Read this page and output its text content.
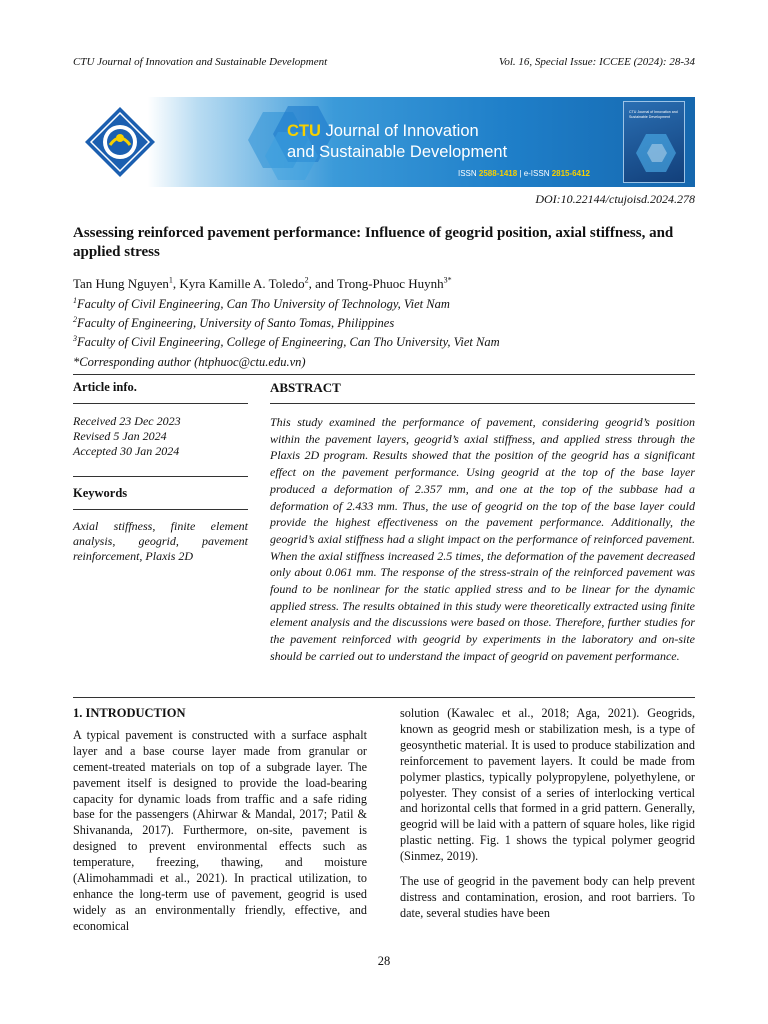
CTU Journal of Innovation and Sustainable Development	Vol. 16, Special Issue: ICCEE (2024): 28-34
CTU Journal of Innovation
and Sustainable Development
ISSN 2588-1418 | e-ISSN 2815-6412
CTU Journal of Innovation and Sustainable Development
DOI:10.22144/ctujoisd.2024.278
Assessing reinforced pavement performance: Influence of geogrid position, axial stiffness, and applied stress
Tan Hung Nguyen$^1$, Kyra Kamille A. Toledo$^2$, and Trong-Phuoc Huynh$^{3*}$
$^1$Faculty of Civil Engineering, Can Tho University of Technology, Viet Nam
$^2$Faculty of Engineering, University of Santo Tomas, Philippines
$^3$Faculty of Civil Engineering, College of Engineering, Can Tho University, Viet Nam
*Corresponding author (htphuoc@ctu.edu.vn)
Article info.
Received 23 Dec 2023
Revised 5 Jan 2024
Accepted 30 Jan 2024
Keywords
Axial stiffness, finite element analysis, geogrid, pavement reinforcement, Plaxis 2D
ABSTRACT
This study examined the performance of pavement, considering geogrid’s position within the pavement layers, geogrid’s axial stiffness, and applied stress through the Plaxis 2D program. Results showed that the position of the geogrid has a significant effect on the pavement performance. Using geogrid at the top of the base layer produced a deformation of 2.357 mm, and one at the top of the subbase had a deformation of 2.433 mm. Thus, the use of geogrid on the top of the base layer could provide the highest effectiveness on the pavement performance. Additionally, the geogrid’s axial stiffness had a slight impact on the performance of reinforced pavement. When the axial stiffness increased 2.5 times, the deformation of the pavement decreased only about 0.061 mm. The response of the stress-strain of the reinforced pavement was found to be nonlinear for the static applied stress and to be linear for the dynamic applied stress. The results obtained in this study were theoretically extracted using finite element analysis and the discussions were based on those. Therefore, further studies for the pavement reinforced with geogrid by experiments in the laboratory and on-site should be carried out to understand the impact of geogrid on pavement performance.
1. INTRODUCTION

A typical pavement is constructed with a surface asphalt layer and a base course layer made from granular or cement-treated materials on top of a subgrade layer. The pavement itself is designed to provide the load-bearing capacity for dynamic loads from traffic and a safe riding base for the passengers (Ahirwar & Mandal, 2017; Patil & Shivananda, 2017). Furthermore, on-site, pavement is designed to prevent environmental effects such as temperature, freezing, thawing, and moisture (Alimohammadi et al., 2021). In practical utilization, to enhance the long-term use of pavement, geogrid is used widely as an environmentally friendly, effective, and economical

solution (Kawalec et al., 2018; Aga, 2021). Geogrids, known as geogrid mesh or stabilization mesh, is a type of geosynthetic material. It is used to produce stabilization and reinforcement to pavement layers. It could be made from polymer plastics, typically polypropylene, polyethylene, or polyester. They consist of a series of interlocking vertical and horizontal cells that formed in a grid pattern. Generally, geogrid will be laid with a pattern of square holes, like rigid plastic netting. Fig. 1 shows the typical polymer geogrid (Sinmez, 2019).

The use of geogrid in the pavement body can help prevent distress and contamination, erosion, and root barriers. To date, several studies have been

28
